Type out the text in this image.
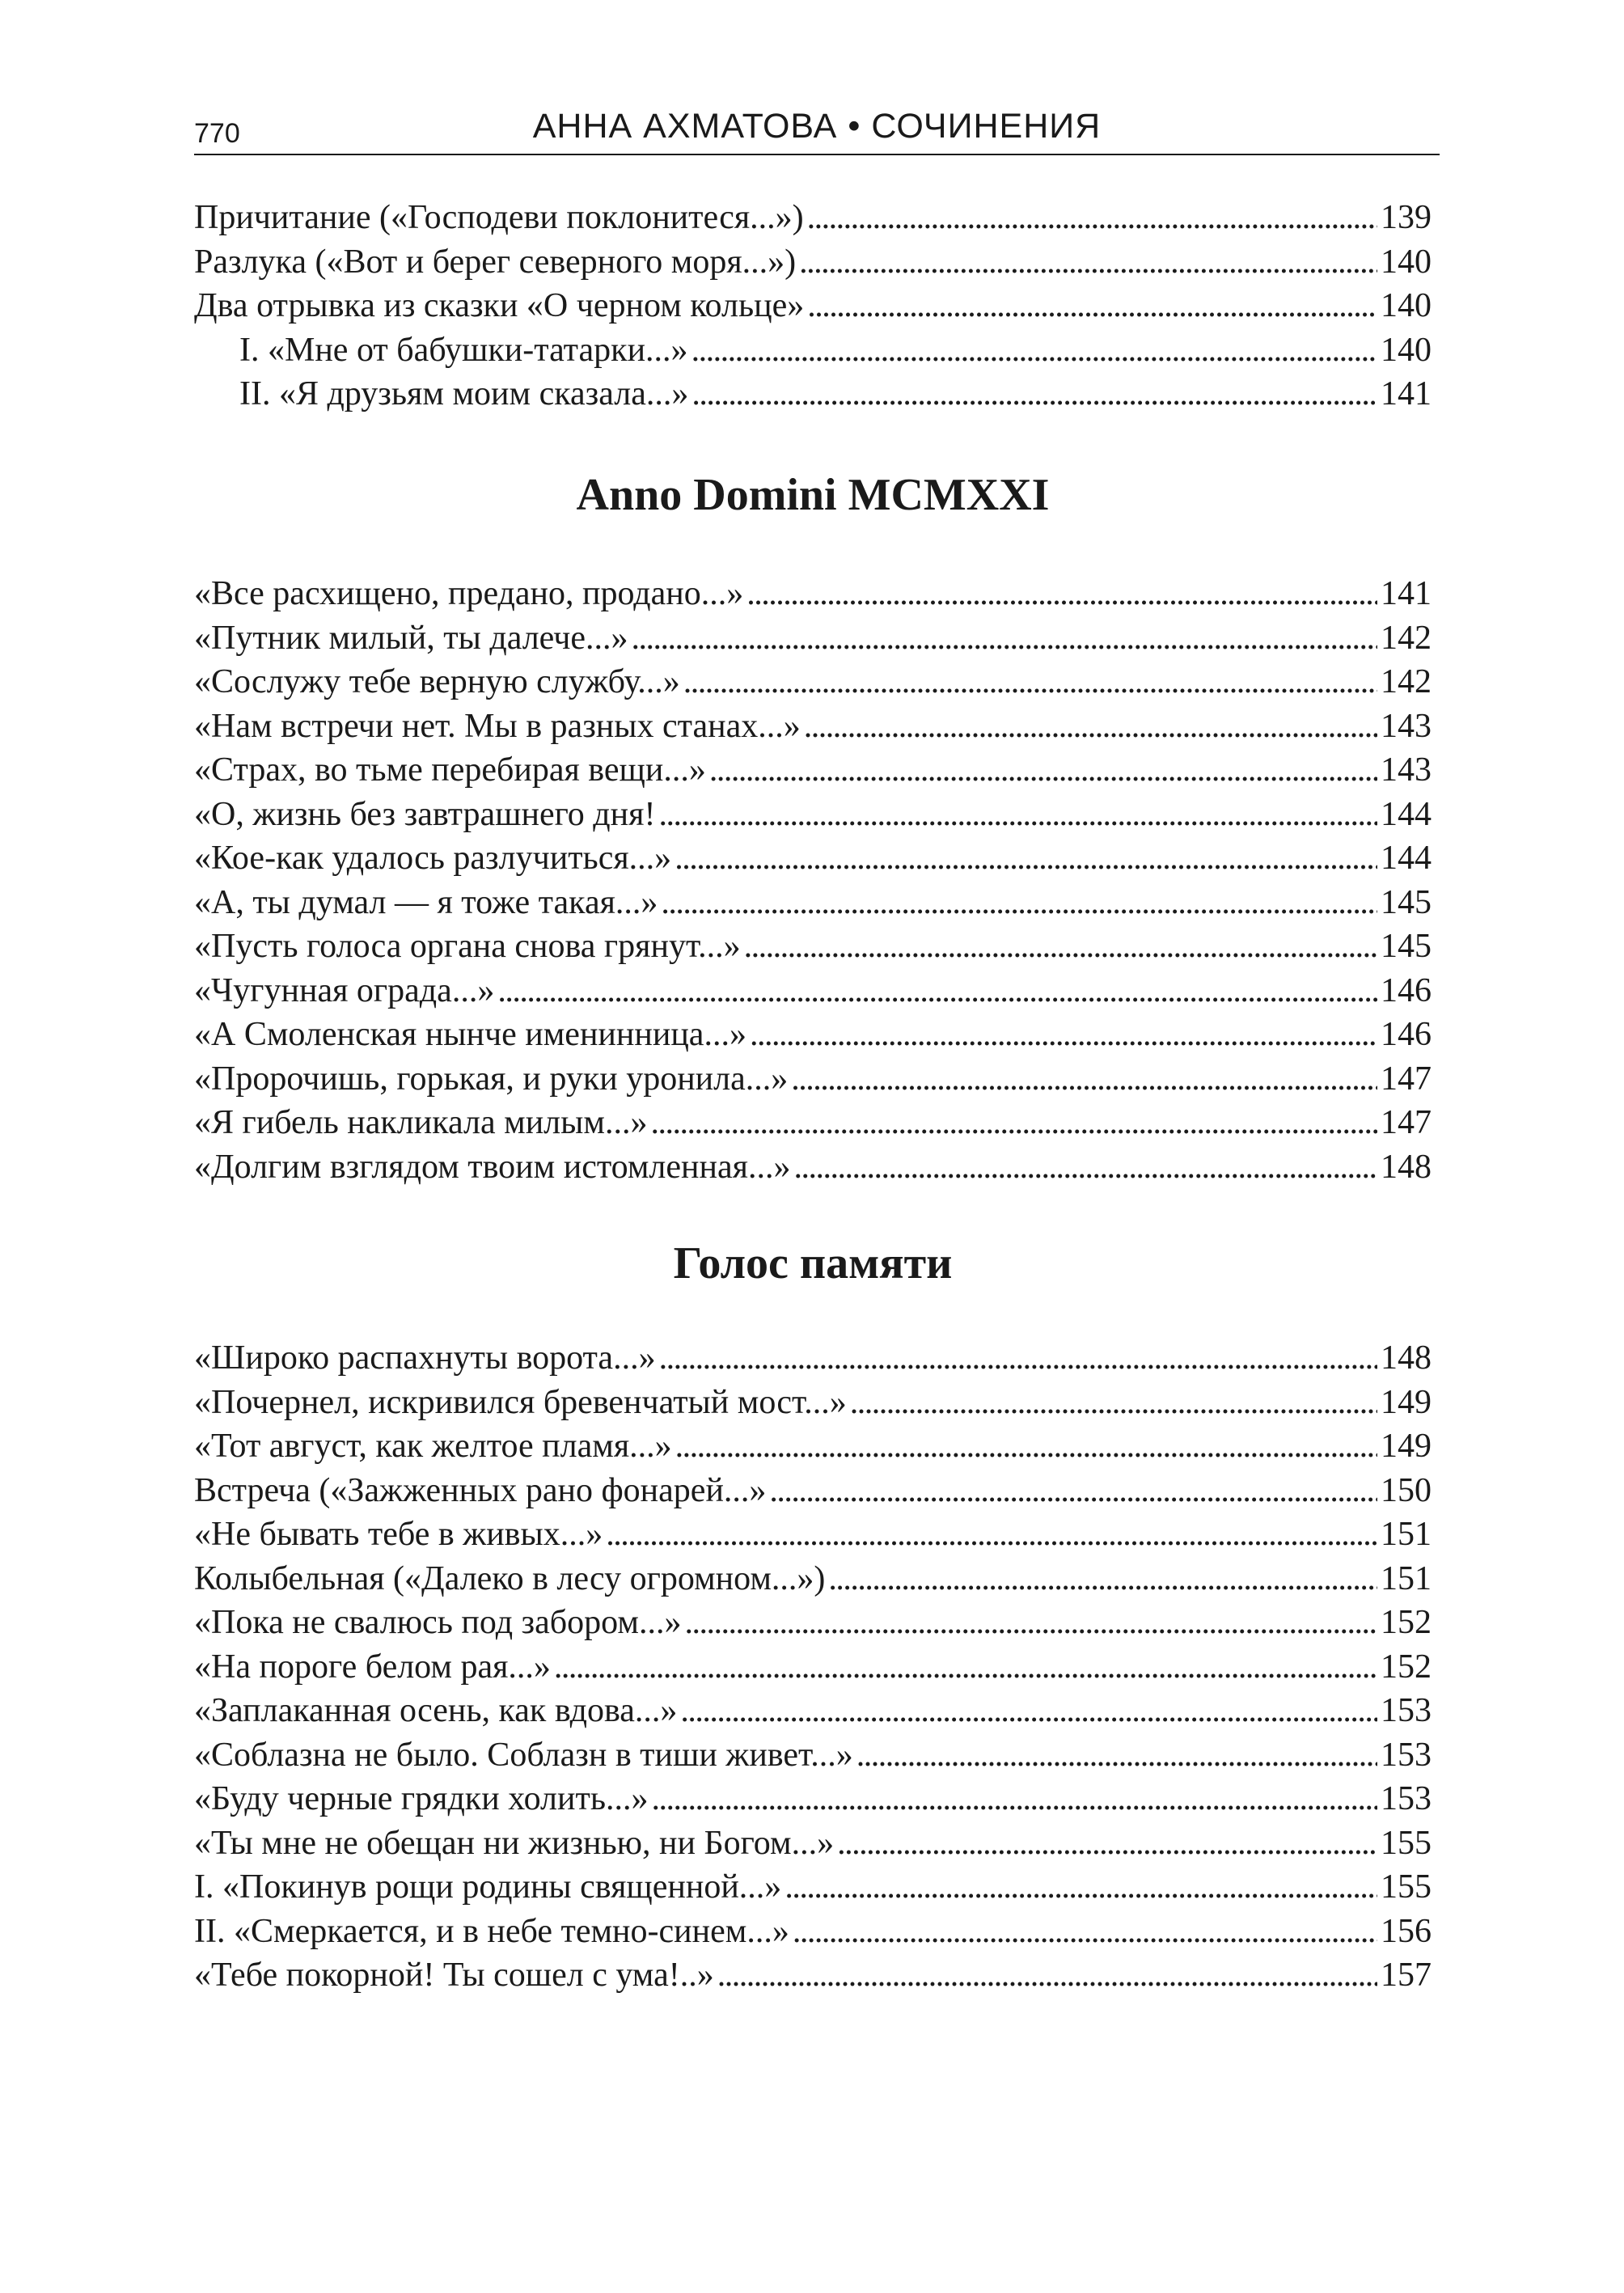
770	АННА АХМАТОВА • СОЧИНЕНИЯ
Причитание («Господеви поклонитеся...») . . .	139
Разлука («Вот и берег северного моря...») . . .	140
Два отрывка из сказки «О черном кольце» . . .	140
I. «Мне от бабушки-татарки...» . . .	140
II. «Я друзьям моим сказала...» . . .	141
Anno Domini MCMXXI
«Все расхищено, предано, продано...» . . .	141
«Путник милый, ты далече...» . . .	142
«Сослужу тебе верную службу...» . . .	142
«Нам встречи нет. Мы в разных станах...» . . .	143
«Страх, во тьме перебирая вещи...» . . .	143
«О, жизнь без завтрашнего дня! . . .	144
«Кое-как удалось разлучиться...» . . .	144
«А, ты думал — я тоже такая...» . . .	145
«Пусть голоса органа снова грянут...» . . .	145
«Чугунная ограда...» . . .	146
«А Смоленская нынче именинница...» . . .	146
«Пророчишь, горькая, и руки уронила...» . . .	147
«Я гибель накликала милым...» . . .	147
«Долгим взглядом твоим истомленная...» . . .	148
Голос памяти
«Широко распахнуты ворота...» . . .	148
«Почернел, искривился бревенчатый мост...» . . .	149
«Тот август, как желтое пламя...» . . .	149
Встреча («Зажженных рано фонарей...» . . .	150
«Не бывать тебе в живых...» . . .	151
Колыбельная («Далеко в лесу огромном...») . . .	151
«Пока не свалюсь под забором...» . . .	152
«На пороге белом рая...» . . .	152
«Заплаканная осень, как вдова...» . . .	153
«Соблазна не было. Соблазн в тиши живет...» . . .	153
«Буду черные грядки холить...» . . .	153
«Ты мне не обещан ни жизнью, ни Богом...» . . .	155
I. «Покинув рощи родины священной...» . . .	155
II. «Смеркается, и в небе темно-синем...» . . .	156
«Тебе покорной! Ты сошел с ума!..» . . .	157
